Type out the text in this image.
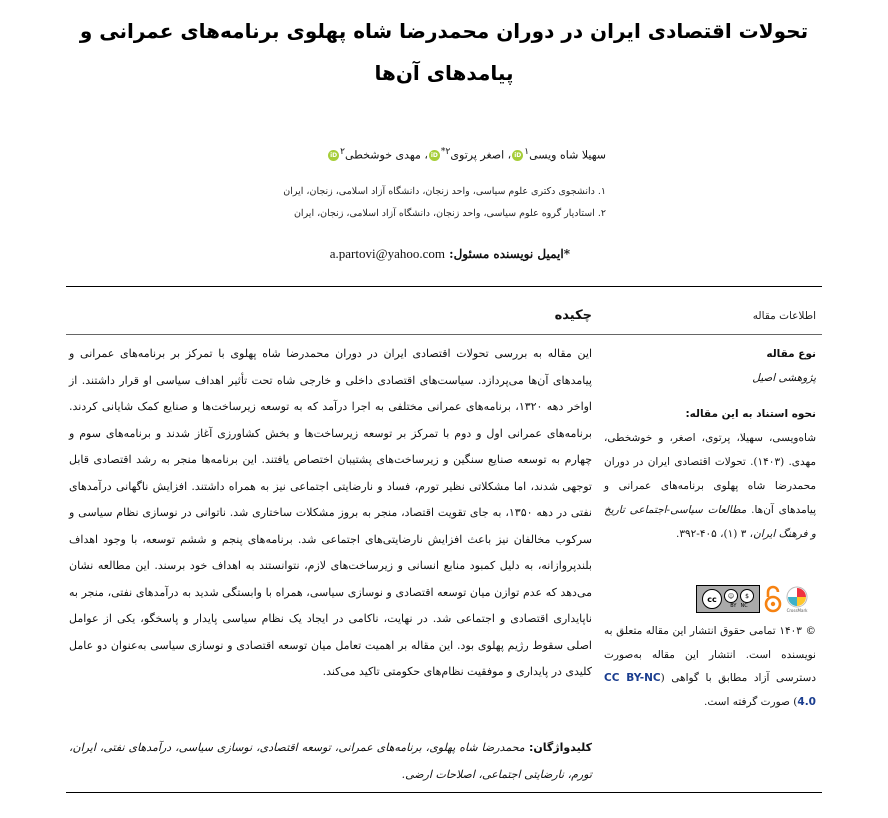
تحولات اقتصادی ایران در دوران محمدرضا شاه پهلوی برنامه‌های عمرانی و پیامدهای آن‌ها
سهیلا شاه ویسی$^۱$iD، اصغر پرتوی$^{۲*}$iD، مهدی خوشخطی$^۲$iD
۱. دانشجوی دکتری علوم سیاسی، واحد زنجان، دانشگاه آزاد اسلامی، زنجان، ایران
۲. استادیار گروه علوم سیاسی، واحد زنجان، دانشگاه آزاد اسلامی، زنجان، ایران
*ایمیل نویسنده مسئول: a.partovi@yahoo.com
اطلاعات مقاله
چکیده
نوع مقاله
پژوهشی اصیل
نحوه استناد به این مقاله:
شاه‌ویسی، سهیلا، پرتوی، اصغر، و خوشخطی، مهدی. (۱۴۰۳). تحولات اقتصادی ایران در دوران محمدرضا شاه پهلوی برنامه‌های عمرانی و پیامدهای آن‌ها. مطالعات سیاسی-اجتماعی تاریخ و فرهنگ ایران، ۳ (۱)، ۴۰۵-۳۹۲.
این مقاله به بررسی تحولات اقتصادی ایران در دوران محمدرضا شاه پهلوی با تمرکز بر برنامه‌های عمرانی و پیامدهای آن‌ها می‌پردازد. سیاست‌های اقتصادی داخلی و خارجی شاه تحت تأثیر اهداف سیاسی او قرار داشتند. از اواخر دهه ۱۳۲۰، برنامه‌های عمرانی مختلفی به اجرا درآمد که به توسعه زیرساخت‌ها و صنایع کمک شایانی کردند. برنامه‌های عمرانی اول و دوم با تمرکز بر توسعه زیرساخت‌ها و بخش کشاورزی آغاز شدند و برنامه‌های سوم و چهارم به توسعه صنایع سنگین و زیرساخت‌های پشتیبان اختصاص یافتند. این برنامه‌ها منجر به رشد اقتصادی قابل توجهی شدند، اما مشکلاتی نظیر تورم، فساد و نارضایتی اجتماعی نیز به همراه داشتند. افزایش ناگهانی درآمدهای نفتی در دهه ۱۳۵۰، به جای تقویت اقتصاد، منجر به بروز مشکلات ساختاری شد. ناتوانی در نوسازی نظام سیاسی و سرکوب مخالفان نیز باعث افزایش نارضایتی‌های اجتماعی شد. برنامه‌های پنجم و ششم توسعه، با وجود اهداف بلندپروازانه، به دلیل کمبود منابع انسانی و زیرساخت‌های لازم، نتوانستند به اهداف خود برسند. این مطالعه نشان می‌دهد که عدم توازن میان توسعه اقتصادی و نوسازی سیاسی، همراه با وابستگی شدید به درآمدهای نفتی، منجر به ناپایداری اقتصادی و اجتماعی شد. در نهایت، ناکامی در ایجاد یک نظام سیاسی پایدار و پاسخگو، یکی از عوامل اصلی سقوط رژیم پهلوی بود. این مقاله بر اهمیت تعامل میان توسعه اقتصادی و نوسازی سیاسی به‌عنوان دو عامل کلیدی در پایداری و موفقیت نظام‌های حکومتی تاکید می‌کند.
کلیدواژگان: محمدرضا شاه پهلوی، برنامه‌های عمرانی، توسعه اقتصادی، نوسازی سیاسی، درآمدهای نفتی، ایران، تورم، نارضایتی اجتماعی، اصلاحات ارضی.
cc	☺	$
BY NC
CrossMark
© ۱۴۰۳ تمامی حقوق انتشار این مقاله متعلق به نویسنده است. انتشار این مقاله به‌صورت دسترسی آزاد مطابق با گواهی (CC BY-NC 4.0) صورت گرفته است.
